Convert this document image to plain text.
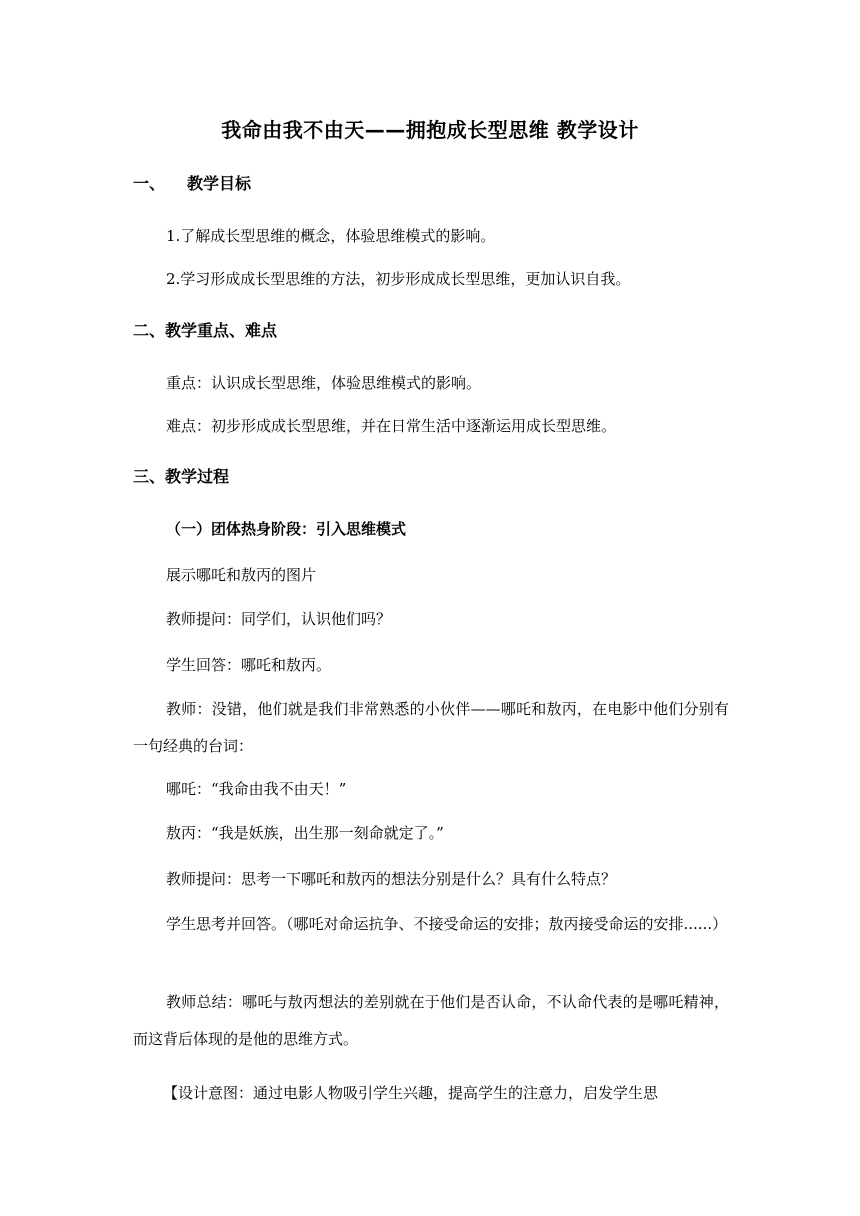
我命由我不由天——拥抱成长型思维 教学设计
一、 教学目标
1.了解成长型思维的概念，体验思维模式的影响。
2.学习形成成长型思维的方法，初步形成成长型思维，更加认识自我。
二、教学重点、难点
重点：认识成长型思维，体验思维模式的影响。
难点：初步形成成长型思维，并在日常生活中逐渐运用成长型思维。
三、教学过程
（一）团体热身阶段：引入思维模式
展示哪吒和敖丙的图片
教师提问：同学们，认识他们吗？
学生回答：哪吒和敖丙。
教师：没错，他们就是我们非常熟悉的小伙伴——哪吒和敖丙，在电影中他们分别有一句经典的台词：
哪吒：“我命由我不由天！”
敖丙：“我是妖族，出生那一刻命就定了。”
教师提问：思考一下哪吒和敖丙的想法分别是什么？具有什么特点？
学生思考并回答。（哪吒对命运抗争、不接受命运的安排；敖丙接受命运的安排......）
教师总结：哪吒与敖丙想法的差别就在于他们是否认命，不认命代表的是哪吒精神，而这背后体现的是他的思维方式。
【设计意图：通过电影人物吸引学生兴趣，提高学生的注意力，启发学生思
